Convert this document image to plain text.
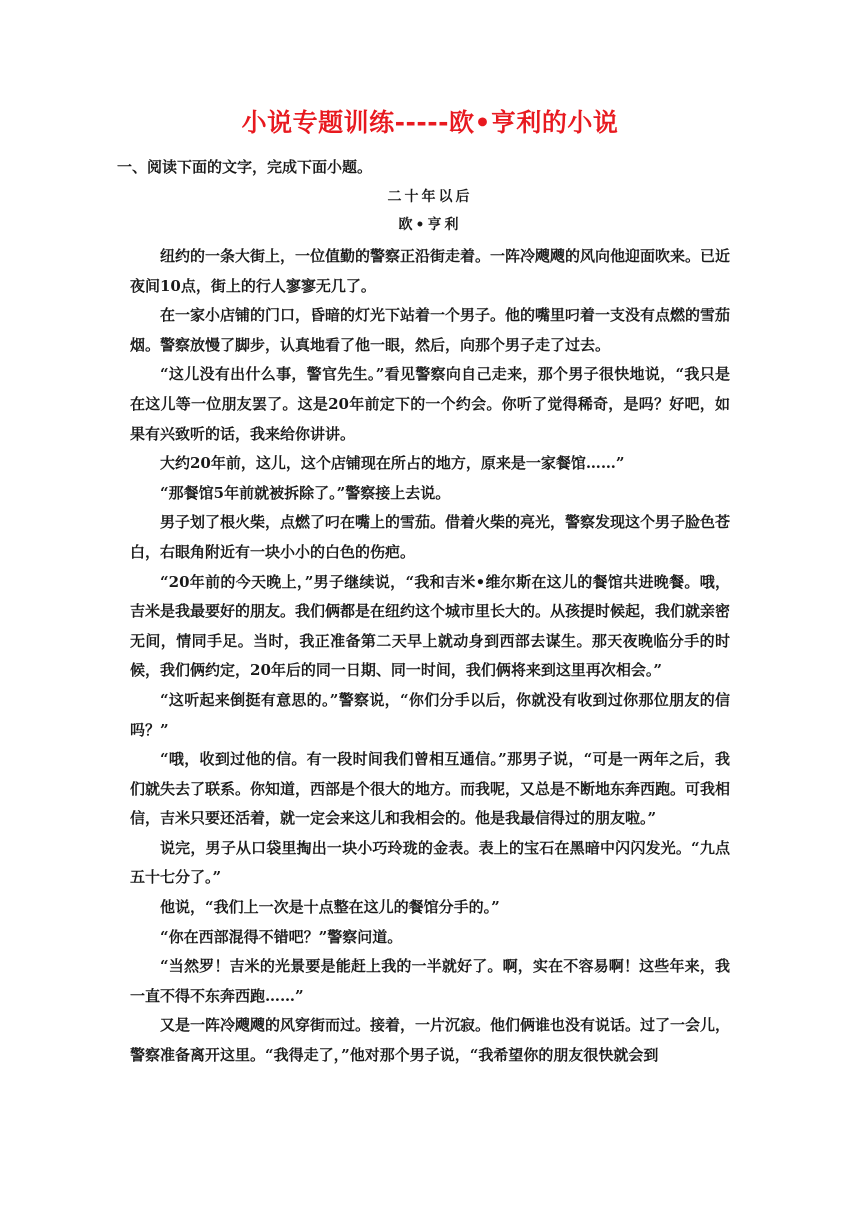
小说专题训练-----欧•亨利的小说
一、阅读下面的文字，完成下面小题。
二十年以后
欧•亨利

纽约的一条大街上，一位值勤的警察正沿街走着。一阵冷飕飕的风向他迎面吹来。已近夜间10点，街上的行人寥寥无几了。

在一家小店铺的门口，昏暗的灯光下站着一个男子。他的嘴里叼着一支没有点燃的雪茄烟。警察放慢了脚步，认真地看了他一眼，然后，向那个男子走了过去。

“这儿没有出什么事，警官先生。”看见警察向自己走来，那个男子很快地说，“我只是在这儿等一位朋友罢了。这是20年前定下的一个约会。你听了觉得稀奇，是吗？好吧，如果有兴致听的话，我来给你讲讲。

大约20年前，这儿，这个店铺现在所占的地方，原来是一家餐馆……”

“那餐馆5年前就被拆除了。”警察接上去说。

男子划了根火柴，点燃了叼在嘴上的雪茄。借着火柴的亮光，警察发现这个男子脸色苍白，右眼角附近有一块小小的白色的伤疤。

“20年前的今天晚上，”男子继续说，“我和吉米•维尔斯在这儿的餐馆共进晚餐。哦，吉米是我最要好的朋友。我们俩都是在纽约这个城市里长大的。从孩提时候起，我们就亲密无间，情同手足。当时，我正准备第二天早上就动身到西部去谋生。那天夜晚临分手的时候，我们俩约定，20年后的同一日期、同一时间，我们俩将来到这里再次相会。”

“这听起来倒挺有意思的。”警察说，“你们分手以后，你就没有收到过你那位朋友的信吗？”

“哦，收到过他的信。有一段时间我们曾相互通信。”那男子说，“可是一两年之后，我们就失去了联系。你知道，西部是个很大的地方。而我呢，又总是不断地东奔西跑。可我相信，吉米只要还活着，就一定会来这儿和我相会的。他是我最信得过的朋友啦。”

说完，男子从口袋里掏出一块小巧玲珑的金表。表上的宝石在黑暗中闪闪发光。“九点五十七分了。”

他说，“我们上一次是十点整在这儿的餐馆分手的。”

“你在西部混得不错吧？”警察问道。

“当然罗！吉米的光景要是能赶上我的一半就好了。啊，实在不容易啊！这些年来，我一直不得不东奔西跑……”

又是一阵冷飕飕的风穿街而过。接着，一片沉寂。他们俩谁也没有说话。过了一会儿，警察准备离开这里。“我得走了，”他对那个男子说，“我希望你的朋友很快就会到
